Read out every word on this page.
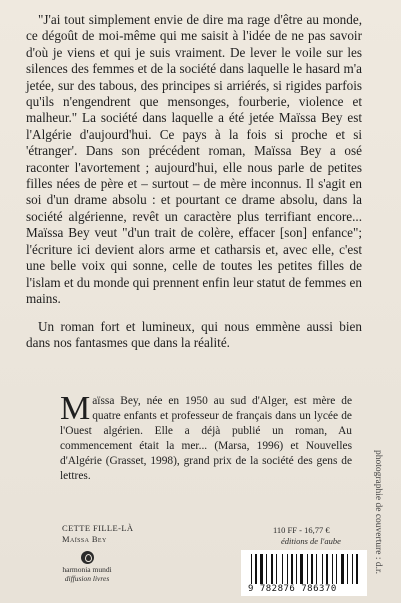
"J'ai tout simplement envie de dire ma rage d'être au monde, ce dégoût de moi-même qui me saisit à l'idée de ne pas savoir d'où je viens et qui je suis vraiment. De lever le voile sur les silences des femmes et de la société dans laquelle le hasard m'a jetée, sur des tabous, des principes si arriérés, si rigides parfois qu'ils n'engendrent que mensonges, fourberie, violence et malheur." La société dans laquelle a été jetée Maïssa Bey est l'Algérie d'aujourd'hui. Ce pays à la fois si proche et si 'étranger'. Dans son précédent roman, Maïssa Bey a osé raconter l'avortement ; aujourd'hui, elle nous parle de petites filles nées de père et – surtout – de mère inconnus. Il s'agit en soi d'un drame absolu : et pourtant ce drame absolu, dans la société algérienne, revêt un caractère plus terrifiant encore... Maïssa Bey veut "d'un trait de colère, effacer [son] enfance"; l'écriture ici devient alors arme et catharsis et, avec elle, c'est une belle voix qui sonne, celle de toutes les petites filles de l'islam et du monde qui prennent enfin leur statut de femmes en mains.

Un roman fort et lumineux, qui nous emmène aussi bien dans nos fantasmes que dans la réalité.

Maïssa Bey, née en 1950 au sud d'Alger, est mère de quatre enfants et professeur de français dans un lycée de l'Ouest algérien. Elle a déjà publié un roman, Au commencement était la mer... (Marsa, 1996) et Nouvelles d'Algérie (Grasset, 1998), grand prix de la société des gens de lettres.	photographie de couverture : d.r.
CETTE FILLE-LÀ
Maïssa Bey
harmonia mundi
diffusion livres
110 FF - 16,77 €
éditions de l'aube
9 782876 786370
